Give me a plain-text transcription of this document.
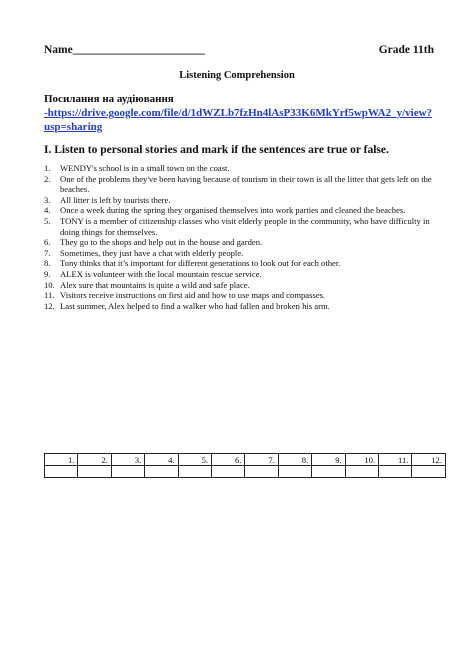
Name_______________________	Grade 11th
Listening Comprehension
Посилання на аудіювання
-https://drive.google.com/file/d/1dWZLb7fzHn4lAsP33K6MkYrf5wpWA2_y/view?
usp=sharing
I. Listen to personal stories and mark if the sentences are true or false.
1. WENDY's school is in a small town on the coast.
2. One of the problems they've been having because of tourism in their town is all the litter that gets left on the beaches.
3. All litter is left by tourists there.
4. Once a week during the spring they organised themselves into work parties and cleaned the beaches.
5. TONY is a member of citizenship classes who visit elderly people in the community, who have difficulty in doing things for themselves.
6. They go to the shops and help out in the house and garden.
7. Sometimes, they just have a chat with elderly people.
8. Tony thinks that it’s important for different generations to look out for each other.
9. ALEX is volunteer with the local mountain rescue service.
10. Alex sure that mountains is quite a wild and safe place.
11. Visitors receive instructions on first aid and how to use maps and compasses.
12. Last summer, Alex helped to find a walker who had fallen and broken his arm.
1.	2.	3.	4.	5.	6.	7.	8.	9.	10.	11.	12.
